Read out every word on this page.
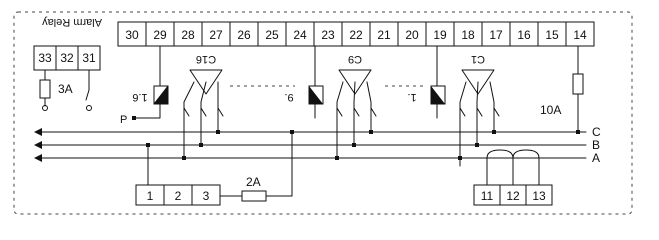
Alarm Relay
33 32 31
3A
30 29 28 27 26 25 24 23 22 21 20 19 18 17 16 15 14
1.6	9.	1.
P
C16	C9	C1
10A
C
B
A
1 2 3
2A
11 12 13
